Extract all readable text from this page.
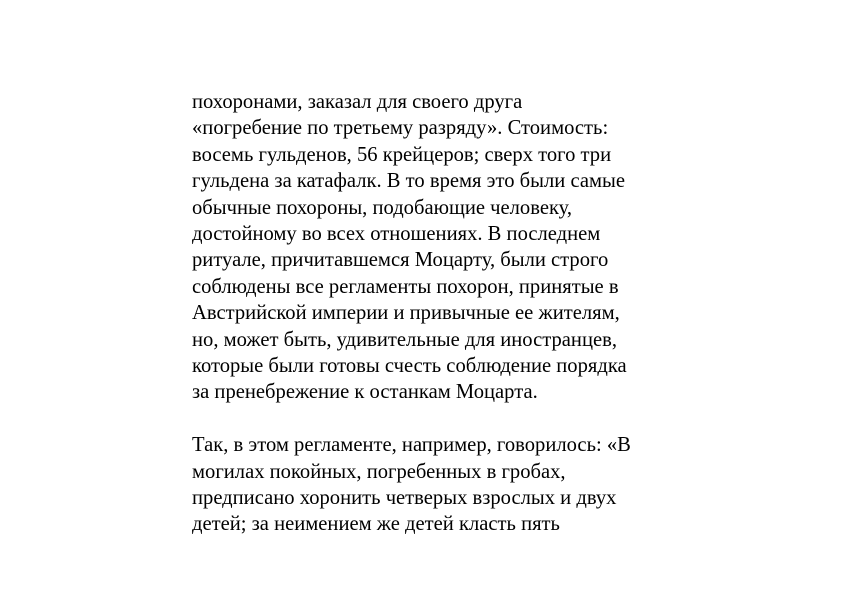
похоронами, заказал для своего друга
«погребение по третьему разряду». Стоимость:
восемь гульденов, 56 крейцеров; сверх того три
гульдена за катафалк. В то время это были самые
обычные похороны, подобающие человеку,
достойному во всех отношениях. В последнем
ритуале, причитавшемся Моцарту, были строго
соблюдены все регламенты похорон, принятые в
Австрийской империи и привычные ее жителям,
но, может быть, удивительные для иностранцев,
которые были готовы счесть соблюдение порядка
за пренебрежение к останкам Моцарта.

Так, в этом регламенте, например, говорилось: «В
могилах покойных, погребенных в гробах,
предписано хоронить четверых взрослых и двух
детей; за неимением же детей класть пять
